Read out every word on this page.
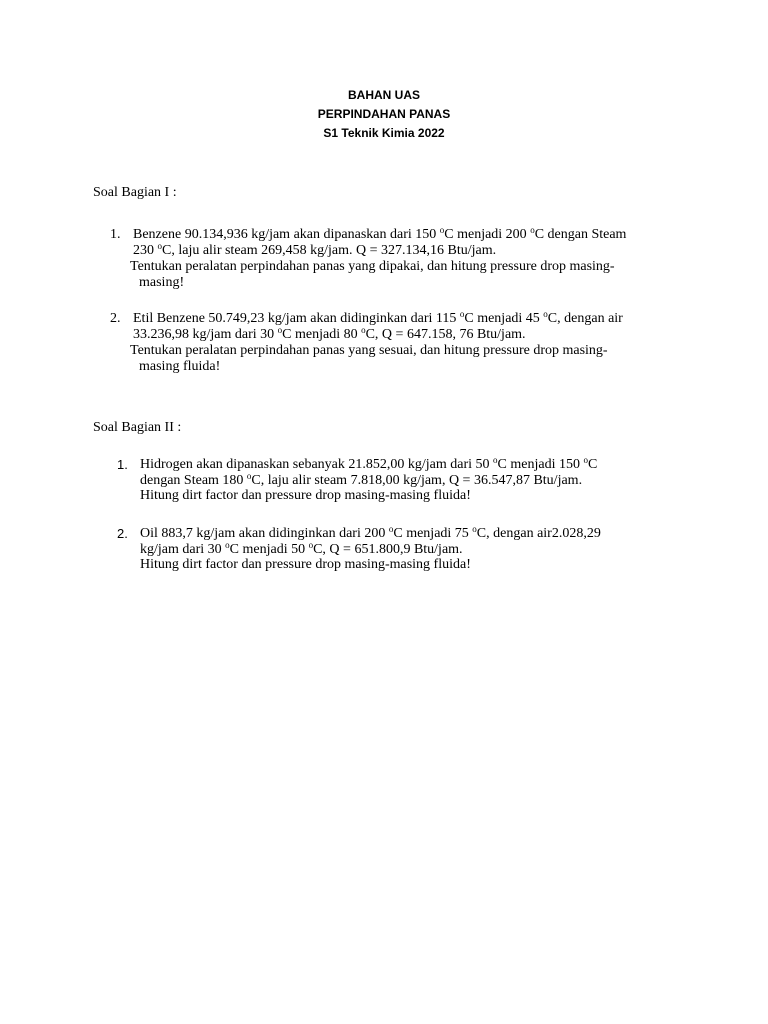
BAHAN UAS
PERPINDAHAN PANAS
S1 Teknik Kimia 2022
Soal Bagian I :
1. Benzene 90.134,936 kg/jam akan dipanaskan dari 150 $^o$C menjadi 200 $^o$C dengan Steam
230 $^o$C, laju alir steam 269,458 kg/jam. Q = 327.134,16 Btu/jam.
Tentukan peralatan perpindahan panas yang dipakai, dan hitung pressure drop masing-
masing!
2. Etil Benzene 50.749,23 kg/jam akan didinginkan dari 115 $^o$C menjadi 45 $^o$C, dengan air
33.236,98 kg/jam dari 30 $^o$C menjadi 80 $^o$C, Q = 647.158, 76 Btu/jam.
Tentukan peralatan perpindahan panas yang sesuai, dan hitung pressure drop masing-
masing fluida!
Soal Bagian II :
1. Hidrogen akan dipanaskan sebanyak 21.852,00 kg/jam dari 50 $^o$C menjadi 150 $^o$C
dengan Steam 180 $^o$C, laju alir steam 7.818,00 kg/jam, Q = 36.547,87 Btu/jam.
Hitung dirt factor dan pressure drop masing-masing fluida!
2. Oil 883,7 kg/jam akan didinginkan dari 200 $^o$C menjadi 75 $^o$C, dengan air2.028,29
kg/jam dari 30 $^o$C menjadi 50 $^o$C, Q = 651.800,9 Btu/jam.
Hitung dirt factor dan pressure drop masing-masing fluida!
